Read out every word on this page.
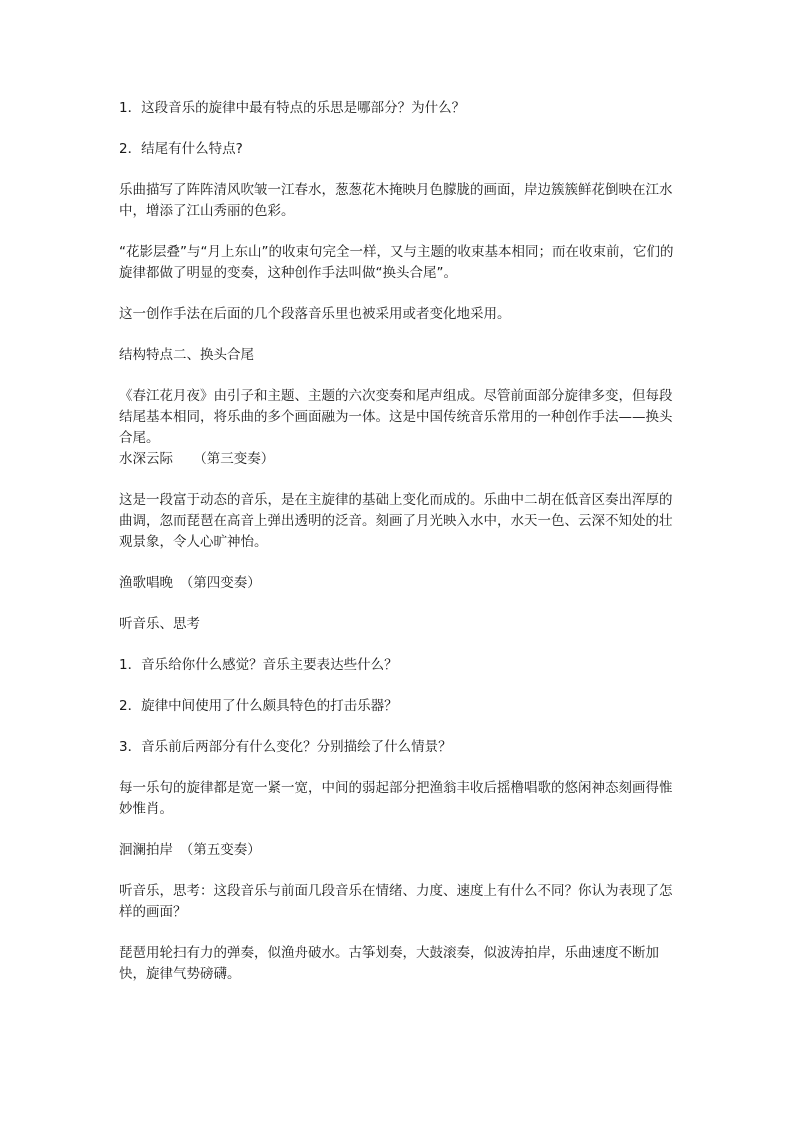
1．这段音乐的旋律中最有特点的乐思是哪部分？为什么？

2．结尾有什么特点?

乐曲描写了阵阵清风吹皱一江春水，葱葱花木掩映月色朦胧的画面，岸边簇簇鲜花倒映在江水中，增添了江山秀丽的色彩。

“花影层叠”与“月上东山”的收束句完全一样，又与主题的收束基本相同；而在收束前，它们的旋律都做了明显的变奏，这种创作手法叫做“换头合尾”。

这一创作手法在后面的几个段落音乐里也被采用或者变化地采用。

结构特点二、换头合尾

《春江花月夜》由引子和主题、主题的六次变奏和尾声组成。尽管前面部分旋律多变，但每段结尾基本相同，将乐曲的多个画面融为一体。这是中国传统音乐常用的一种创作手法——换头合尾。

水深云际　　（第三变奏）

这是一段富于动态的音乐，是在主旋律的基础上变化而成的。乐曲中二胡在低音区奏出浑厚的曲调，忽而琵琶在高音上弹出透明的泛音。刻画了月光映入水中，水天一色、云深不知处的壮观景象，令人心旷神怡。

渔歌唱晚　（第四变奏）

听音乐、思考

1．音乐给你什么感觉？音乐主要表达些什么？

2．旋律中间使用了什么颇具特色的打击乐器？

3．音乐前后两部分有什么变化？分别描绘了什么情景？

每一乐句的旋律都是宽一紧一宽，中间的弱起部分把渔翁丰收后摇橹唱歌的悠闲神态刻画得惟妙惟肖。

洄澜拍岸　（第五变奏）

听音乐，思考：这段音乐与前面几段音乐在情绪、力度、速度上有什么不同？你认为表现了怎样的画面？

琵琶用轮扫有力的弹奏，似渔舟破水。古筝划奏，大鼓滚奏，似波涛拍岸，乐曲速度不断加快，旋律气势磅礴。
